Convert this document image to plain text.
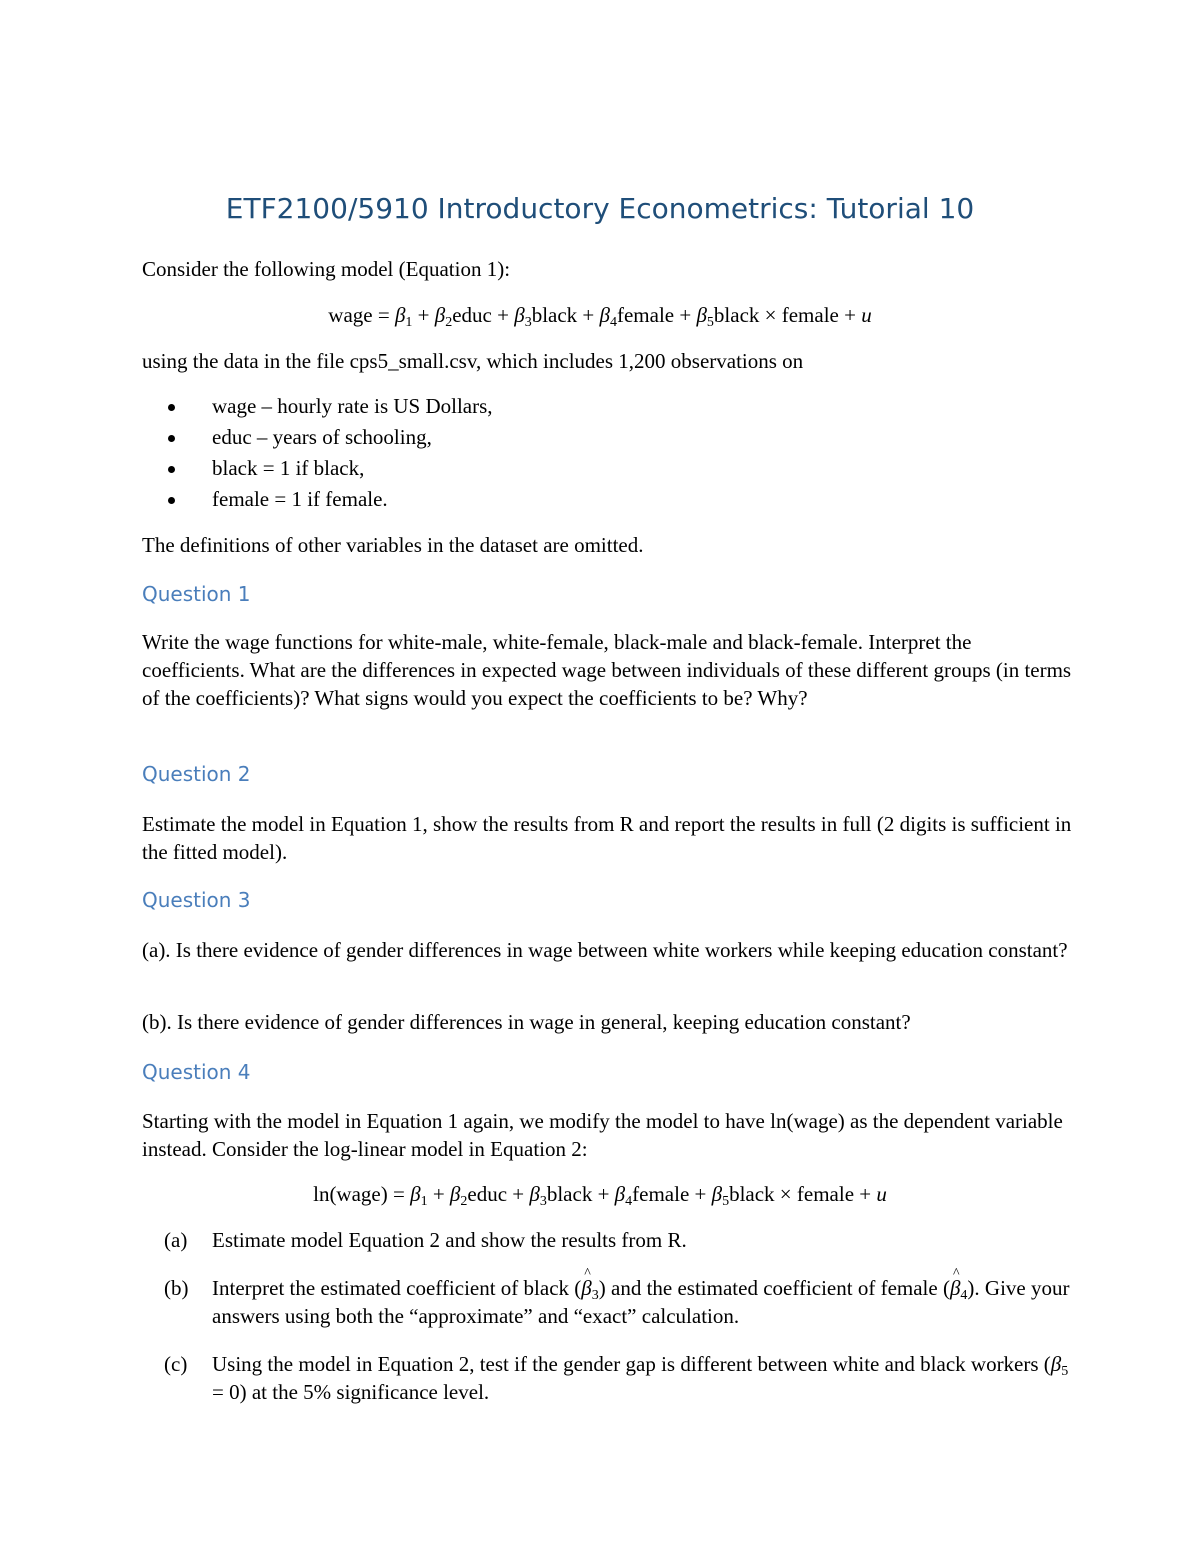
ETF2100/5910 Introductory Econometrics: Tutorial 10

Consider the following model (Equation 1):

wage = $\beta_1$ + $\beta_2educ$ + $\beta_3black$ + $\beta_4female$ + $\beta_5black$ × female + u

using the data in the file cps5_small.csv, which includes 1,200 observations on

wage – hourly rate is US Dollars,
educ – years of schooling,
black = 1 if black,
female = 1 if female.

The definitions of other variables in the dataset are omitted.

Question 1

Write the wage functions for white-male, white-female, black-male and black-female. Interpret the coefficients. What are the differences in expected wage between individuals of these different groups (in terms of the coefficients)? What signs would you expect the coefficients to be? Why?

Question 2

Estimate the model in Equation 1, show the results from R and report the results in full (2 digits is sufficient in the fitted model).

Question 3

(a). Is there evidence of gender differences in wage between white workers while keeping education constant?

(b). Is there evidence of gender differences in wage in general, keeping education constant?

Question 4

Starting with the model in Equation 1 again, we modify the model to have ln(wage) as the dependent variable instead. Consider the log-linear model in Equation 2:

ln(wage) = $\beta_1$ + $\beta_2educ$ + $\beta_3black$ + $\beta_4female$ + $\beta_5black$ × female + u
(a) Estimate model Equation 2 and show the results from R.
(b) Interpret the estimated coefficient of black (^ $\beta_3$) and the estimated coefficient of female (^ $\beta_4$). Give your answers using both the “approximate” and “exact” calculation.
(c) Using the model in Equation 2, test if the gender gap is different between white and black workers $(\beta_5 = 0)$ at the 5% significance level.
